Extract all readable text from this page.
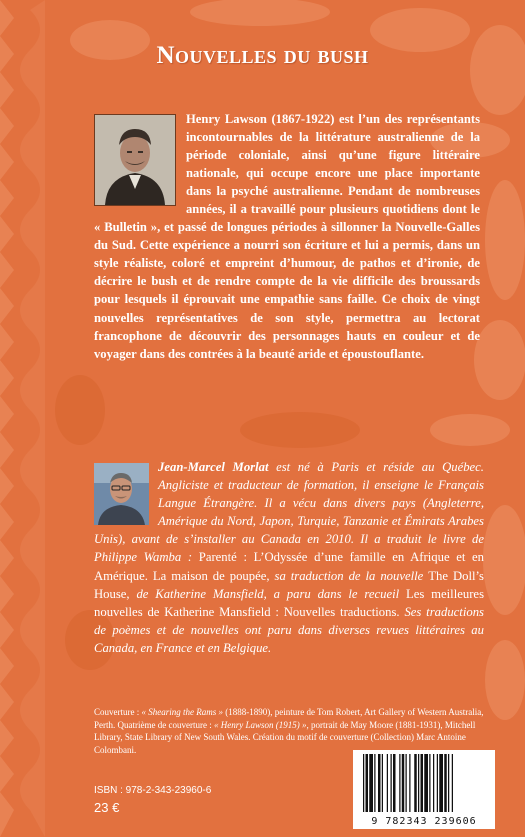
Nouvelles du bush
Henry Lawson (1867-1922) est l’un des représentants incontournables de la littérature australienne de la période coloniale, ainsi qu’une figure littéraire nationale, qui occupe encore une place importante dans la psyché australienne. Pendant de nombreuses années, il a travaillé pour plusieurs quotidiens dont le « Bulletin », et passé de longues périodes à sillonner la Nouvelle-Galles du Sud. Cette expérience a nourri son écriture et lui a permis, dans un style réaliste, coloré et empreint d’humour, de pathos et d’ironie, de décrire le bush et de rendre compte de la vie difficile des broussards pour lesquels il éprouvait une empathie sans faille. Ce choix de vingt nouvelles représentatives de son style, permettra au lectorat francophone de découvrir des personnages hauts en couleur et de voyager dans des contrées à la beauté aride et époustouflante.
Jean-Marcel Morlat est né à Paris et réside au Québec. Angliciste et traducteur de formation, il enseigne le Français Langue Étrangère. Il a vécu dans divers pays (Angleterre, Amérique du Nord, Japon, Turquie, Tanzanie et Émirats Arabes Unis), avant de s’installer au Canada en 2010. Il a traduit le livre de Philippe Wamba : Parenté : L’Odyssée d’une famille en Afrique et en Amérique. La maison de poupée, sa traduction de la nouvelle The Doll’s House, de Katherine Mansfield, a paru dans le recueil Les meilleures nouvelles de Katherine Mansfield : Nouvelles traductions. Ses traductions de poèmes et de nouvelles ont paru dans diverses revues littéraires au Canada, en France et en Belgique.
Couverture : « Shearing the Rams » (1888-1890), peinture de Tom Robert, Art Gallery of Western Australia, Perth. Quatrième de couverture : « Henry Lawson (1915) », portrait de May Moore (1881-1931), Mitchell Library, State Library of New South Wales. Création du motif de couverture (Collection) Marc Antoine Colombani.
ISBN : 978-2-343-23960-6
23 €
9 782343 239606
